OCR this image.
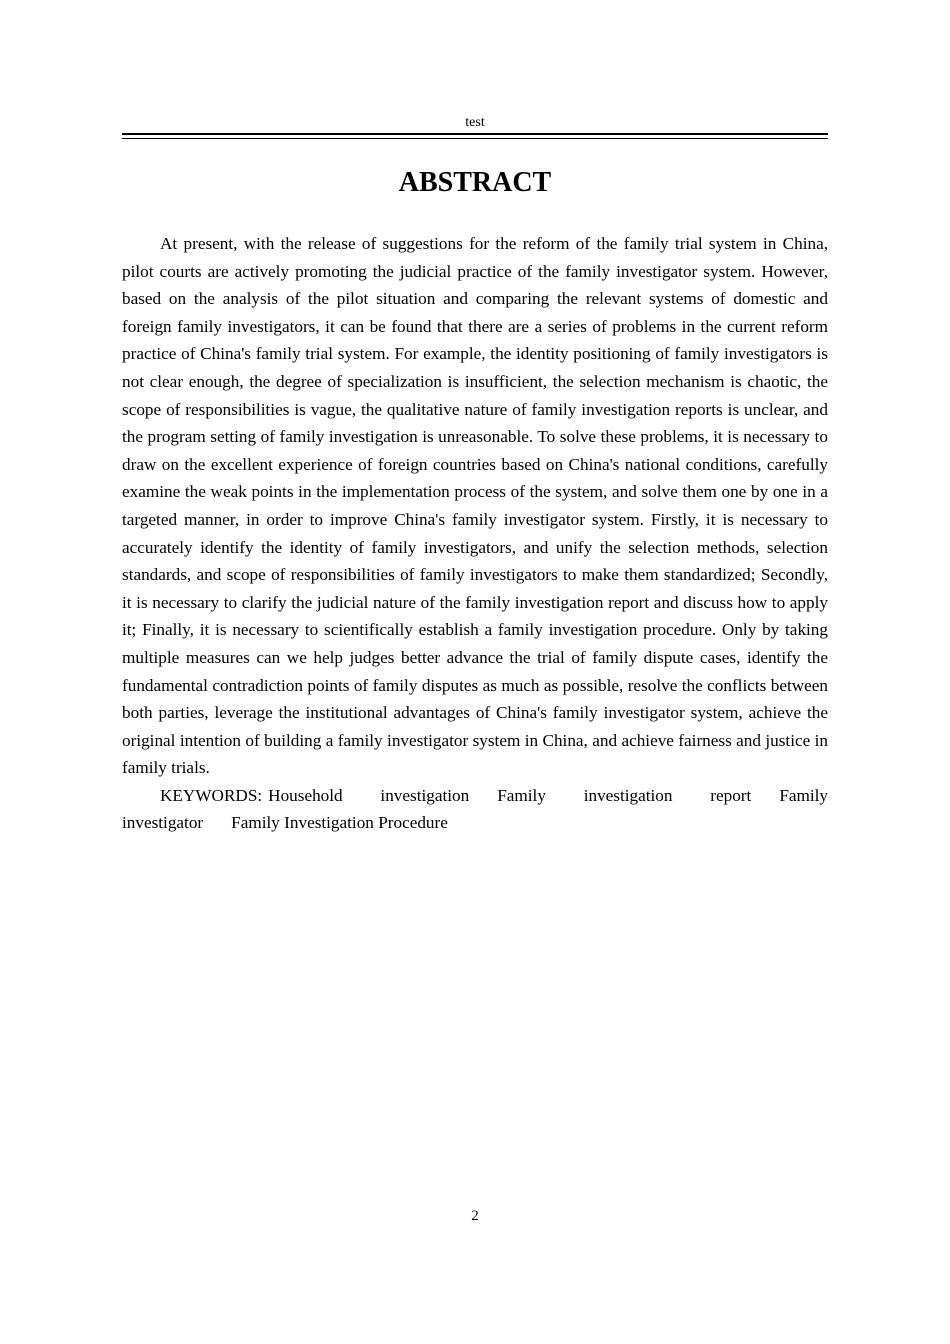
test
ABSTRACT

At present, with the release of suggestions for the reform of the family trial system in China, pilot courts are actively promoting the judicial practice of the family investigator system. However, based on the analysis of the pilot situation and comparing the relevant systems of domestic and foreign family investigators, it can be found that there are a series of problems in the current reform practice of China's family trial system. For example, the identity positioning of family investigators is not clear enough, the degree of specialization is insufficient, the selection mechanism is chaotic, the scope of responsibilities is vague, the qualitative nature of family investigation reports is unclear, and the program setting of family investigation is unreasonable. To solve these problems, it is necessary to draw on the excellent experience of foreign countries based on China's national conditions, carefully examine the weak points in the implementation process of the system, and solve them one by one in a targeted manner, in order to improve China's family investigator system. Firstly, it is necessary to accurately identify the identity of family investigators, and unify the selection methods, selection standards, and scope of responsibilities of family investigators to make them standardized; Secondly, it is necessary to clarify the judicial nature of the family investigation report and discuss how to apply it; Finally, it is necessary to scientifically establish a family investigation procedure. Only by taking multiple measures can we help judges better advance the trial of family dispute cases, identify the fundamental contradiction points of family disputes as much as possible, resolve the conflicts between both parties, leverage the institutional advantages of China's family investigator system, achieve the original intention of building a family investigator system in China, and achieve fairness and justice in family trials.

KEYWORDS: Household investigation Family investigation report Family investigator Family Investigation Procedure

2
